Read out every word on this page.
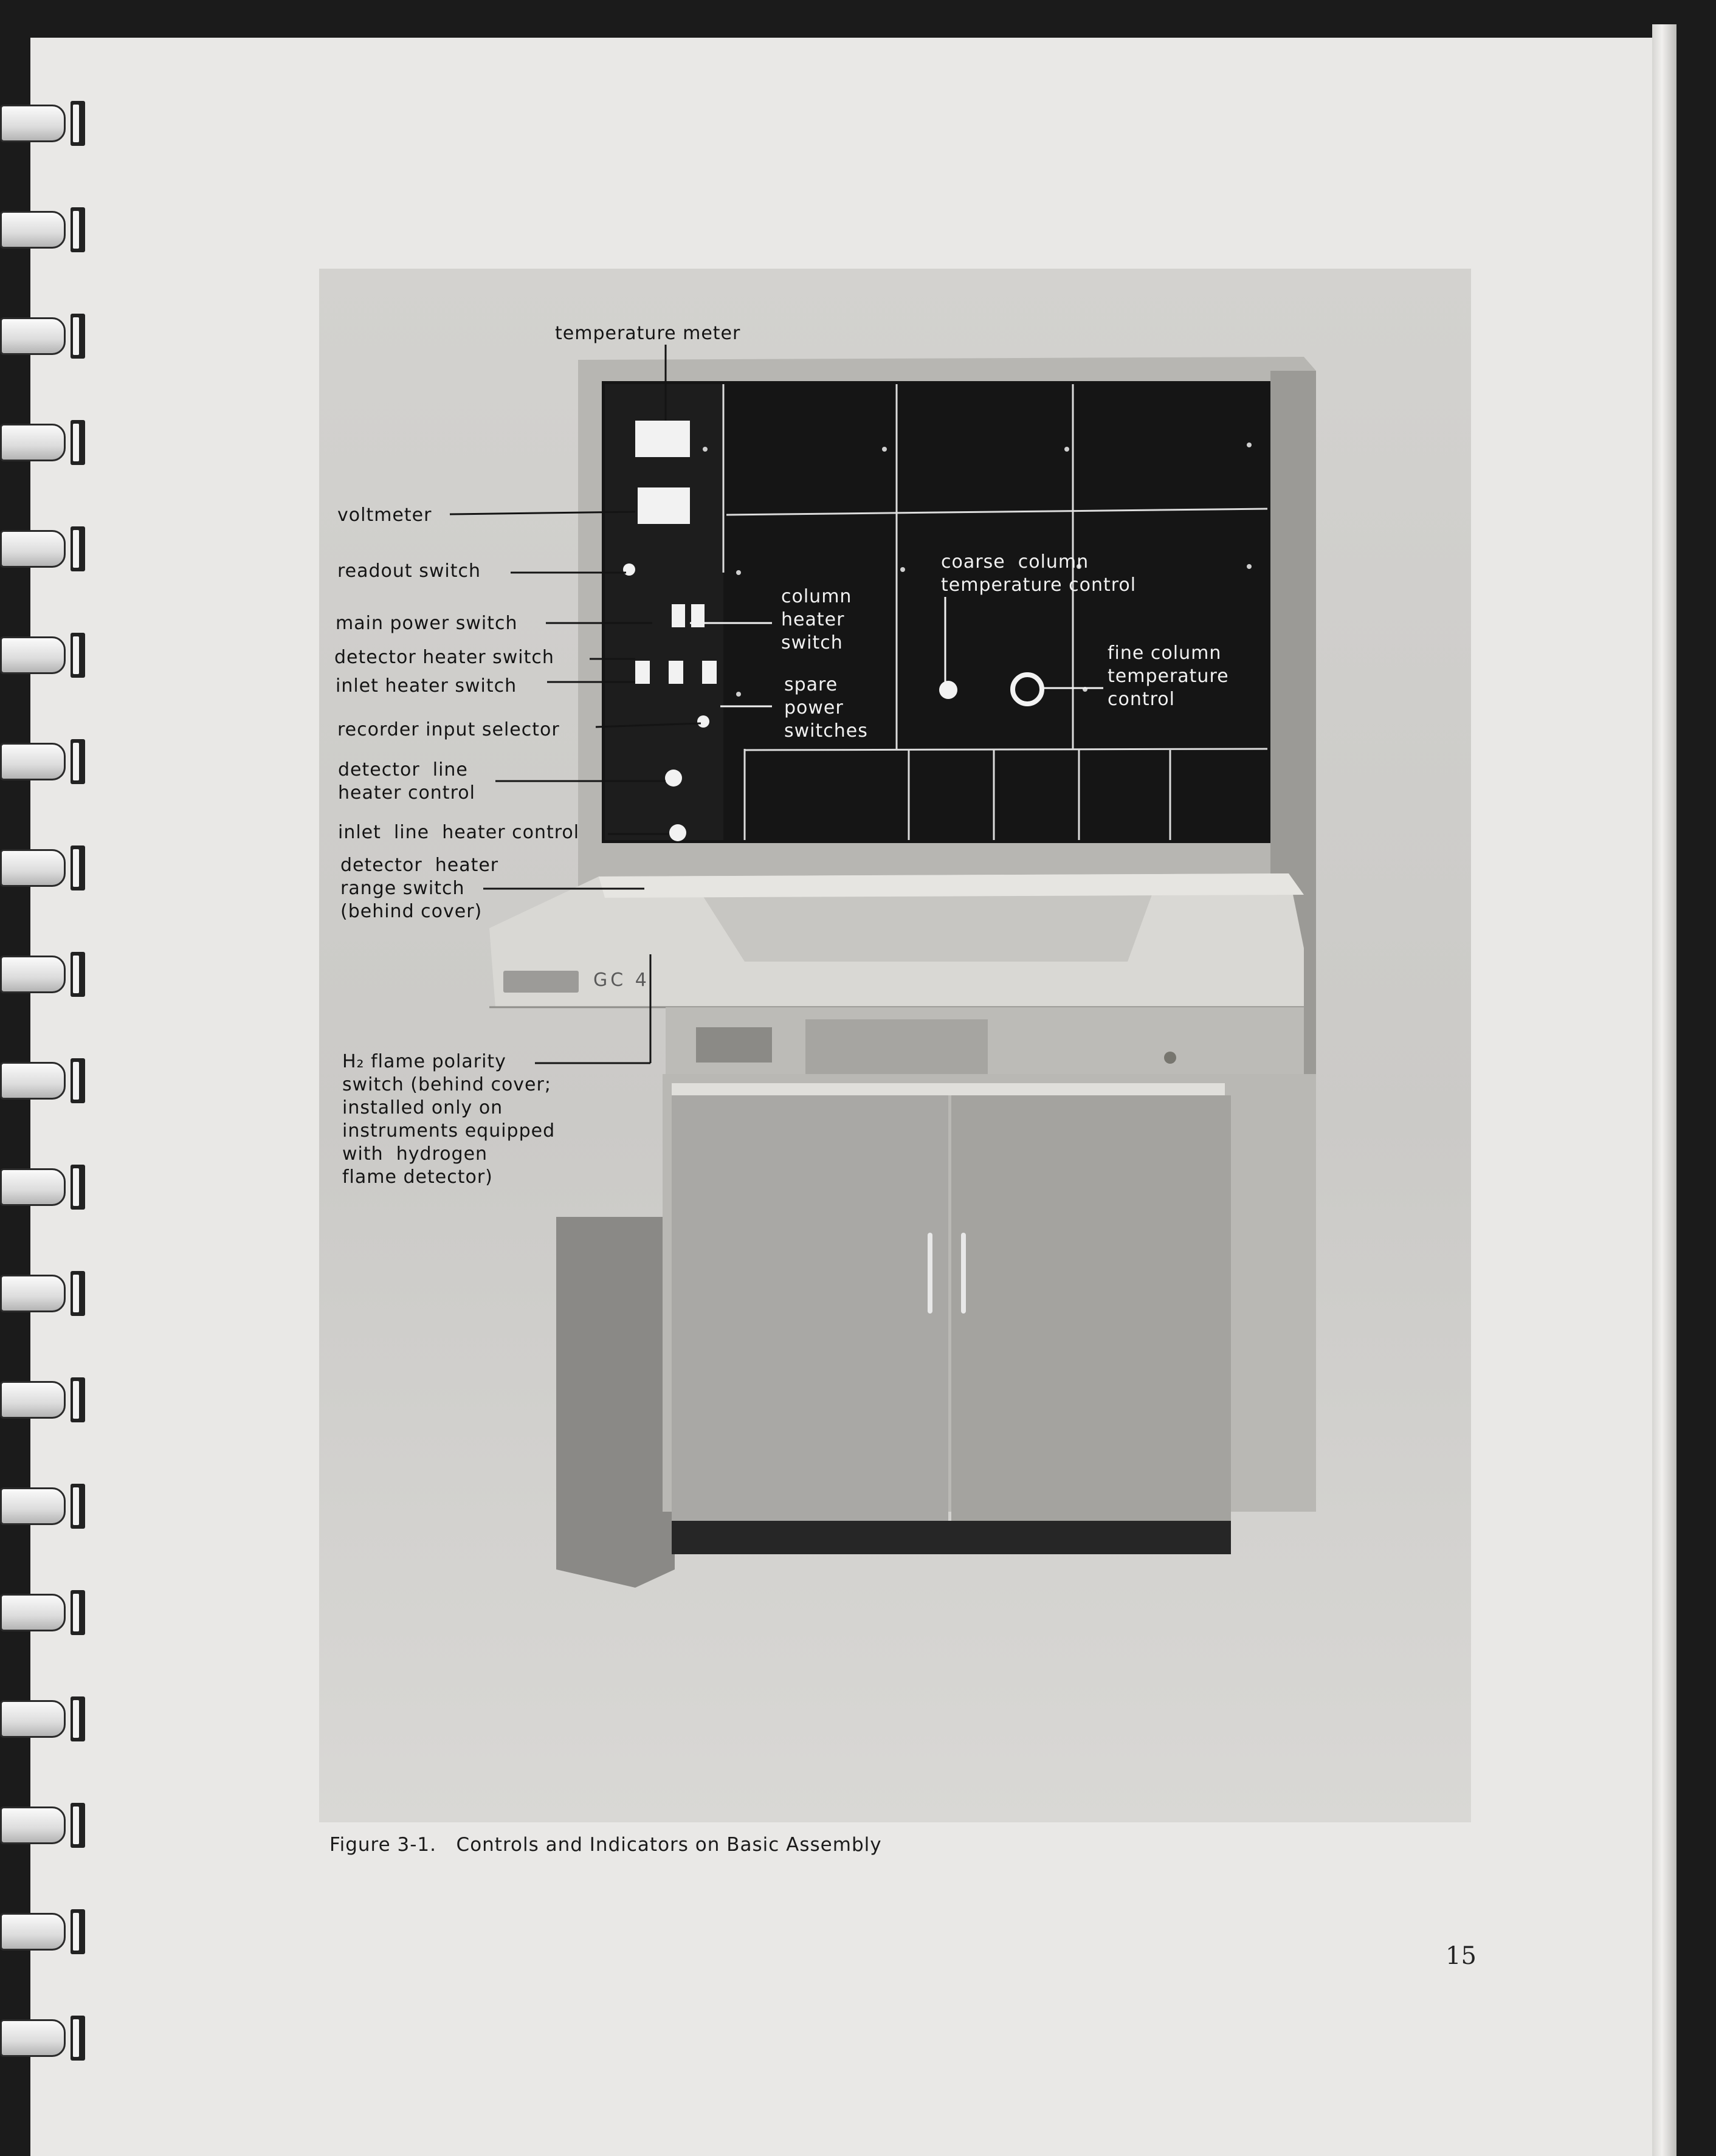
temperature meter
voltmeter
readout switch
main power switch
detector heater switch
inlet heater switch
recorder input selector
detector  line
heater control
inlet  line  heater control
detector  heater
range switch
(behind cover)
H₂ flame polarity
switch (behind cover;
installed only on
instruments equipped
with  hydrogen
flame detector)
column
heater
switch
spare
power
switches
coarse  column
temperature control
fine column
temperature
control
GC 4
Figure 3-1.   Controls and Indicators on Basic Assembly
15
